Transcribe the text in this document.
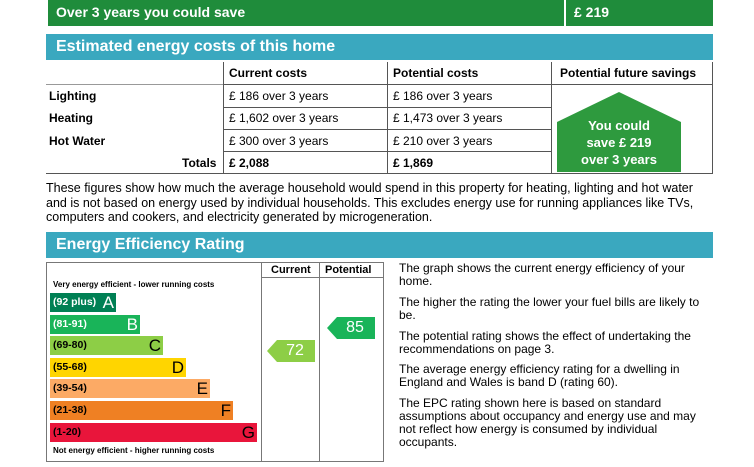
Over 3 years you could save	£ 219
Estimated energy costs of this home
Current costs	Potential costs	Potential future savings
Lighting	£ 186 over 3 years	£ 186 over 3 years
Heating	£ 1,602 over 3 years	£ 1,473 over 3 years
Hot Water	£ 300 over 3 years	£ 210 over 3 years
Totals £ 2,088	£ 1,869
You could
save £ 219
over 3 years
These figures show how much the average household would spend in this property for heating, lighting and hot water and is not based on energy used by individual households. This excludes energy use for running appliances like TVs, computers and cookers, and electricity generated by microgeneration.
Energy Efficiency Rating
Current Potential
Very energy efficient - lower running costs
Not energy efficient - higher running costs
(92 plus) A
(81-91) B
(69-80)	C
(55-68)	D
(39-54)	E
(21-38)	F
(1-20)	G
72
85
The graph shows the current energy efficiency of your home.
The higher the rating the lower your fuel bills are likely to be.
The potential rating shows the effect of undertaking the recommendations on page 3.
The average energy efficiency rating for a dwelling in England and Wales is band D (rating 60).
The EPC rating shown here is based on standard assumptions about occupancy and energy use and may not reflect how energy is consumed by individual occupants.
